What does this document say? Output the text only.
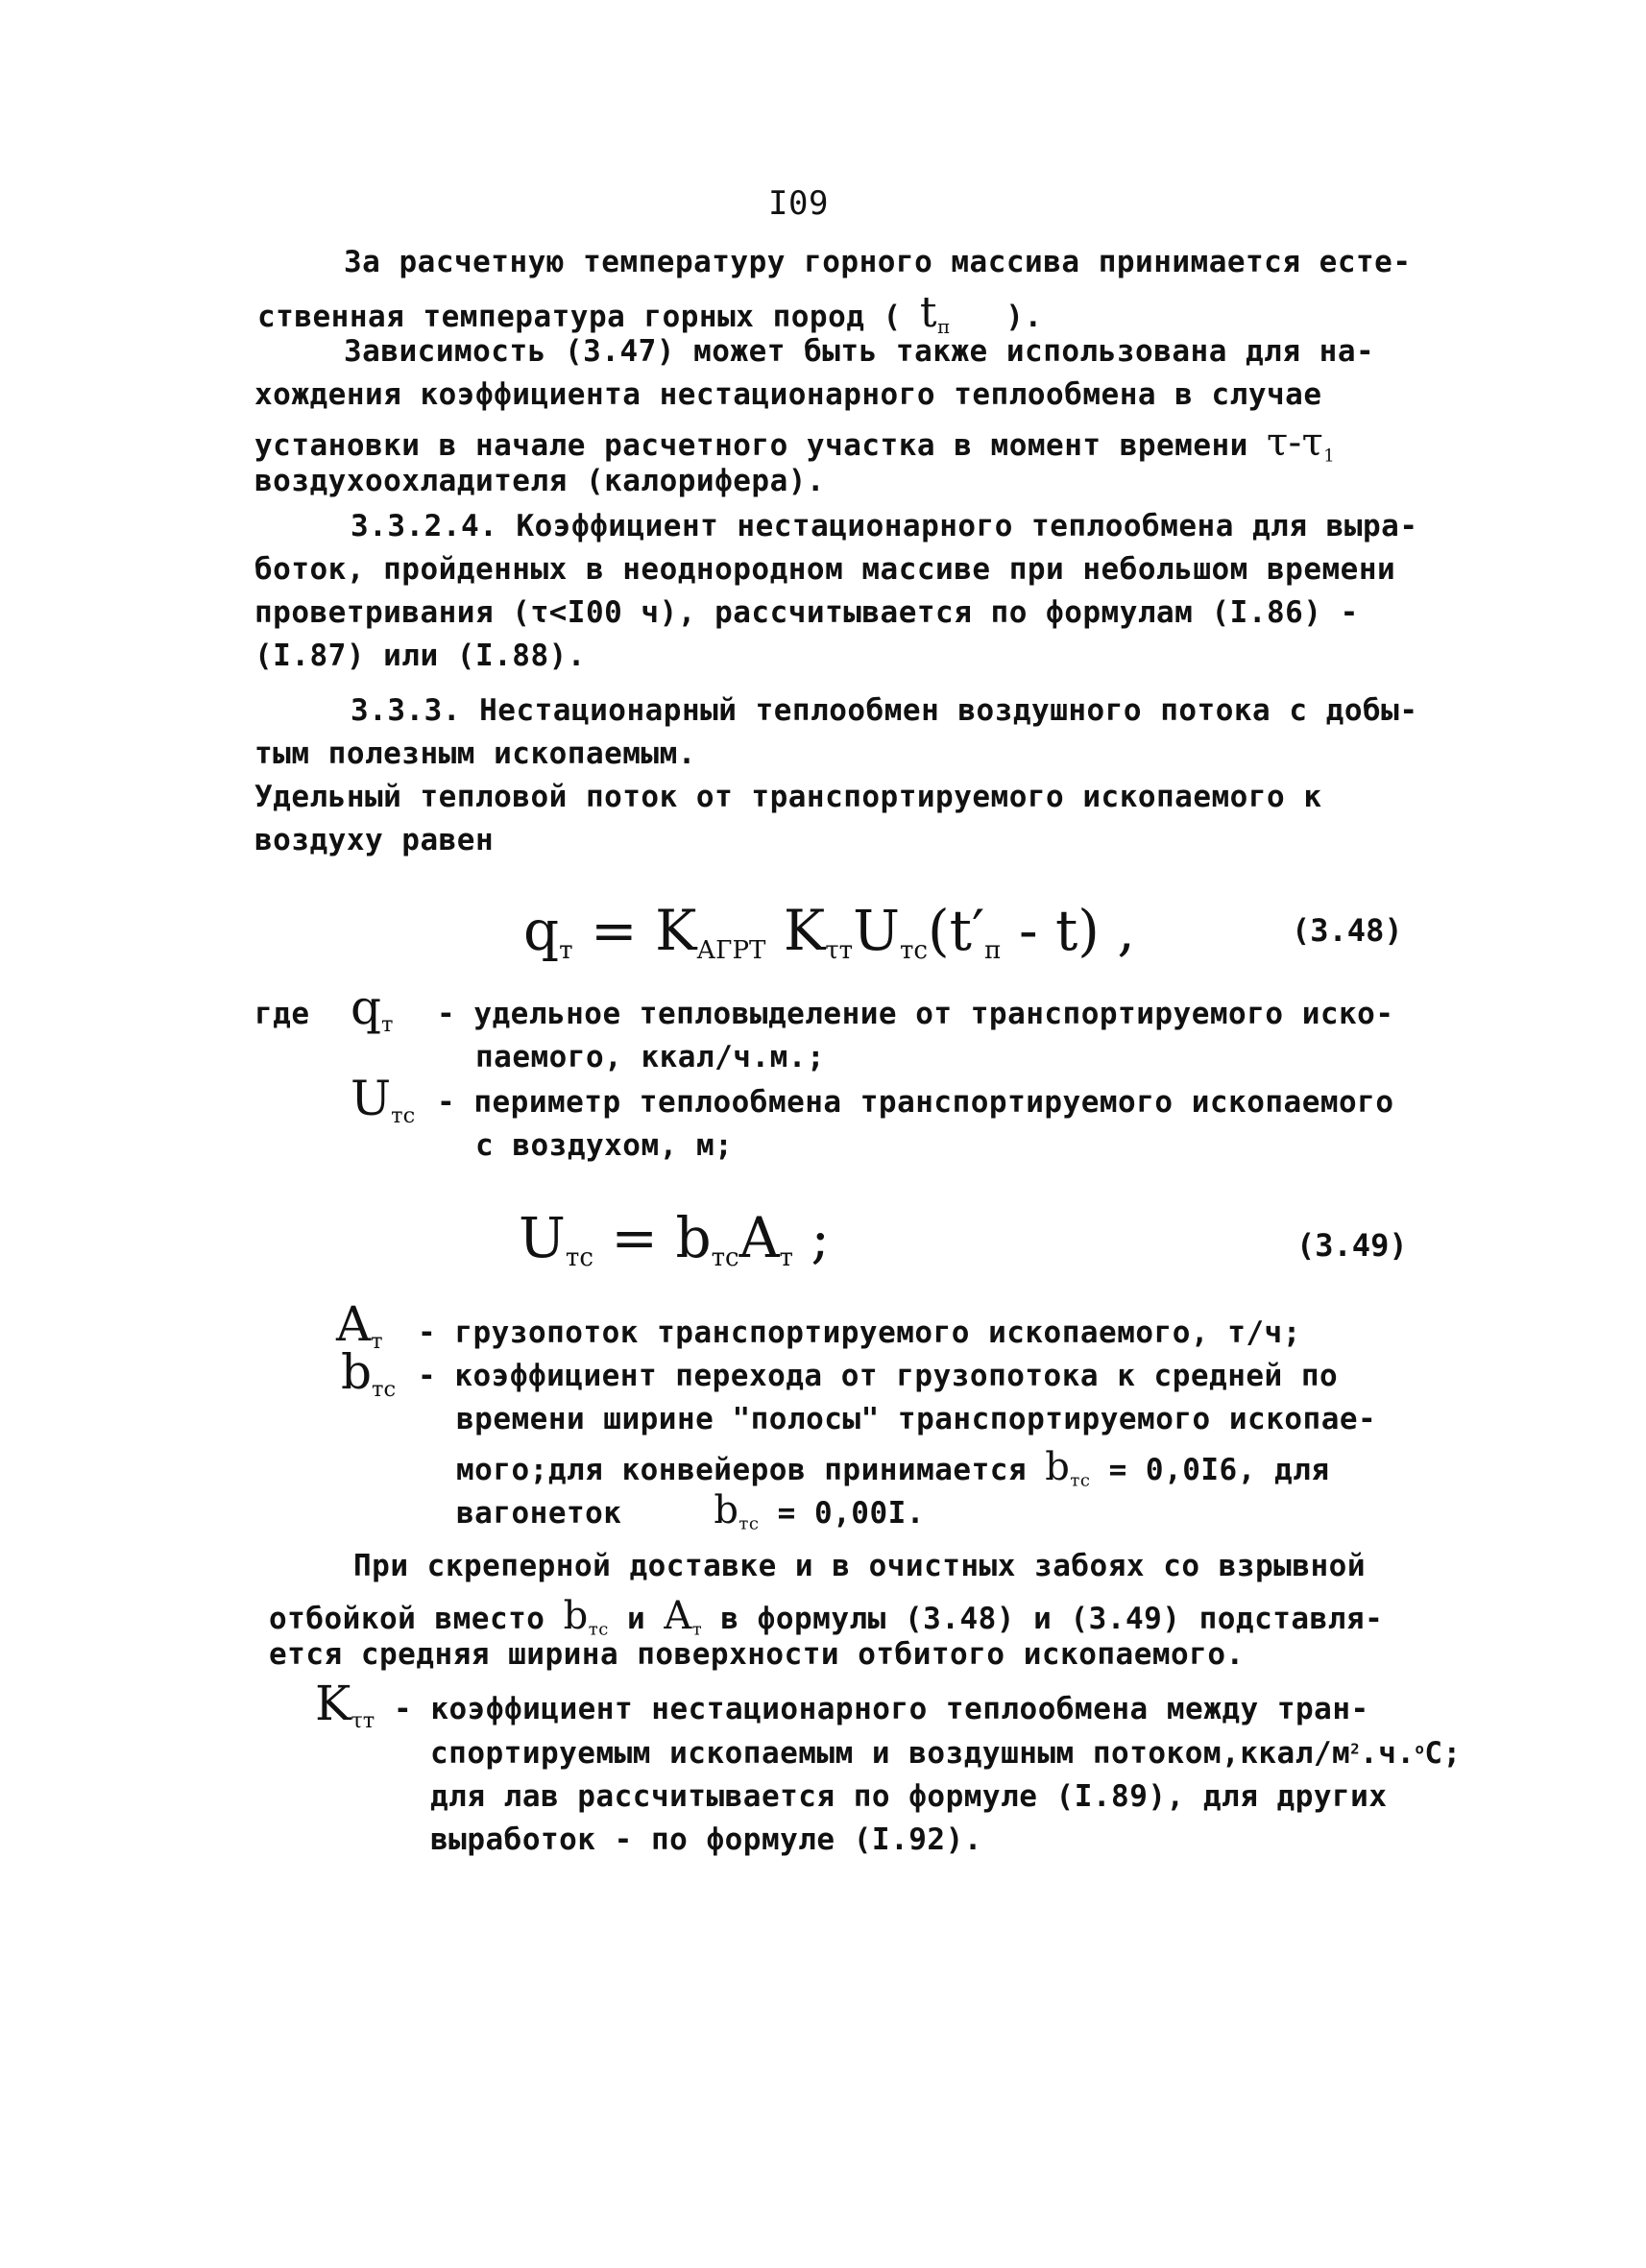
I09
За расчетную температуру горного массива принимается есте-
ственная температура горных пород ( $t_п$ ).
Зависимость (3.47) может быть также использована для на-
хождения коэффициента нестационарного теплообмена в случае
установки в начале расчетного участка в момент времени $\tau-\tau_1$
воздухоохладителя (калорифера).
3.3.2.4. Коэффициент нестационарного теплообмена для выра-
боток, пройденных в неоднородном массиве при небольшом времени
проветривания (τ<I00 ч), рассчитывается по формулам (I.86) -
(I.87) или (I.88).
3.3.3. Нестационарный теплообмен воздушного потока с добы-
тым полезным ископаемым.
Удельный тепловой поток от транспортируемого ископаемого к
воздуху равен
$q_т = K_{АГРТ}$ $K_{\tau т}U_{тс}(t'_п - t)$ ,	(3.48)
где $q_т$ - удельное тепловыделение от транспортируемого иско-
паемого, ккал/ч.м.;
$U_{тс}$ - периметр теплообмена транспортируемого ископаемого
с воздухом, м;
$U_{тс} = b_{тс}A_т$ ;	(3.49)
$A_т$ - грузопоток транспортируемого ископаемого, т/ч;
$b_{тс}$ - коэффициент перехода от грузопотока к средней по
времени ширине "полосы" транспортируемого ископае-
мого;для конвейеров принимается $b_{тс} = 0,0I6$, для
вагонеток $b_{тс} = 0,00I$.
При скреперной доставке и в очистных забоях со взрывной
отбойкой вместо $b_{тс}$ и $A_т$ в формулы (3.48) и (3.49) подставля-
ется средняя ширина поверхности отбитого ископаемого.
$K_{\tau т}$ - коэффициент нестационарного теплообмена между тран-
спортируемым ископаемым и воздушным $потоком,ккал/м^2.ч.^оС$;
для лав рассчитывается по формуле (I.89), для других
выработок - по формуле (I.92).
